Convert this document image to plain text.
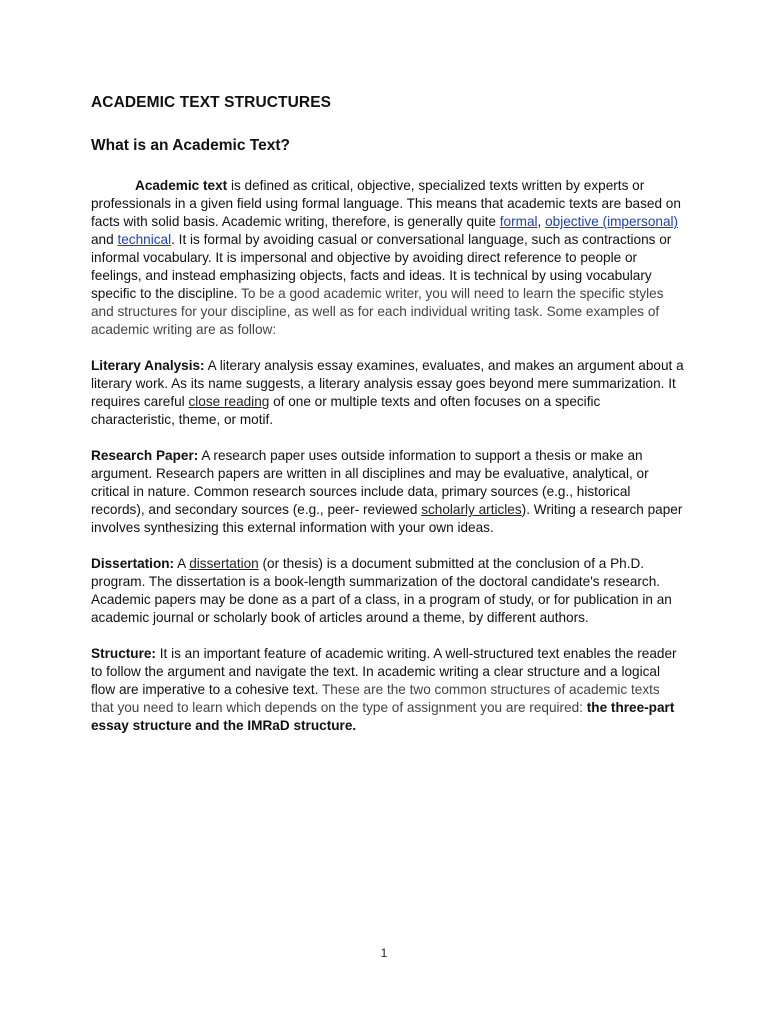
ACADEMIC TEXT STRUCTURES
What is an Academic Text?

Academic text is defined as critical, objective, specialized texts written by experts or professionals in a given field using formal language. This means that academic texts are based on facts with solid basis. Academic writing, therefore, is generally quite formal, objective (impersonal) and technical. It is formal by avoiding casual or conversational language, such as contractions or informal vocabulary. It is impersonal and objective by avoiding direct reference to people or feelings, and instead emphasizing objects, facts and ideas. It is technical by using vocabulary specific to the discipline. To be a good academic writer, you will need to learn the specific styles and structures for your discipline, as well as for each individual writing task. Some examples of academic writing are as follow:

Literary Analysis: A literary analysis essay examines, evaluates, and makes an argument about a literary work. As its name suggests, a literary analysis essay goes beyond mere summarization. It requires careful close reading of one or multiple texts and often focuses on a specific characteristic, theme, or motif.

Research Paper: A research paper uses outside information to support a thesis or make an argument. Research papers are written in all disciplines and may be evaluative, analytical, or critical in nature. Common research sources include data, primary sources (e.g., historical records), and secondary sources (e.g., peer- reviewed scholarly articles). Writing a research paper involves synthesizing this external information with your own ideas.

Dissertation: A dissertation (or thesis) is a document submitted at the conclusion of a Ph.D. program. The dissertation is a book-length summarization of the doctoral candidate's research.

Academic papers may be done as a part of a class, in a program of study, or for publication in an academic journal or scholarly book of articles around a theme, by different authors.

Structure: It is an important feature of academic writing. A well-structured text enables the reader to follow the argument and navigate the text. In academic writing a clear structure and a logical flow are imperative to a cohesive text. These are the two common structures of academic texts that you need to learn which depends on the type of assignment you are required: the three-part essay structure and the IMRaD structure.

1
